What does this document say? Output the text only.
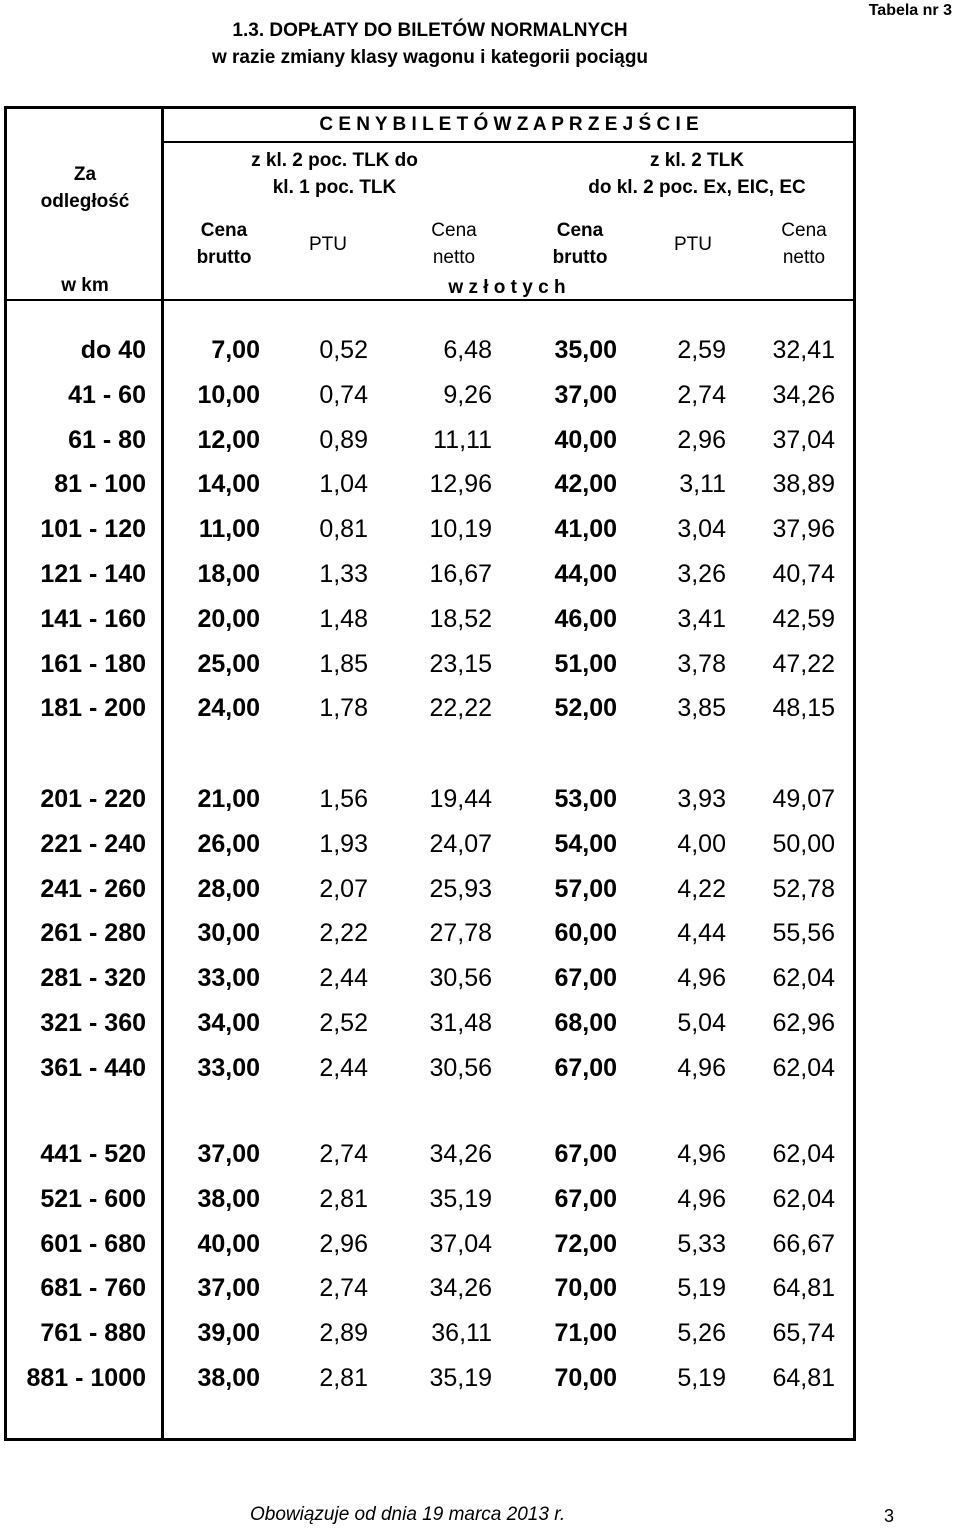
1.3. DOPŁATY DO BILETÓW NORMALNYCH
w razie zmiany klasy wagonu i kategorii pociągu
Tabela nr 3
Za
odległość
w km
C E N Y B I L E T Ó W Z A P R Z E J Ś C I E
z kl. 2 poc. TLK do
kl. 1 poc. TLK
z kl. 2 TLK
do kl. 2 poc. Ex, EIC, EC
Cena
brutto
PTU
Cena
netto
Cena
brutto
PTU
Cena
netto
w z ł o t y c h
do 40	7,00	0,52	6,48	35,00	2,59	32,41
41 - 60	10,00	0,74	9,26	37,00	2,74	34,26
61 - 80	12,00	0,89	11,11	40,00	2,96	37,04
81 - 100	14,00	1,04	12,96	42,00	3,11	38,89
101 - 120	11,00	0,81	10,19	41,00	3,04	37,96
121 - 140	18,00	1,33	16,67	44,00	3,26	40,74
141 - 160	20,00	1,48	18,52	46,00	3,41	42,59
161 - 180	25,00	1,85	23,15	51,00	3,78	47,22
181 - 200	24,00	1,78	22,22	52,00	3,85	48,15
201 - 220	21,00	1,56	19,44	53,00	3,93	49,07
221 - 240	26,00	1,93	24,07	54,00	4,00	50,00
241 - 260	28,00	2,07	25,93	57,00	4,22	52,78
261 - 280	30,00	2,22	27,78	60,00	4,44	55,56
281 - 320	33,00	2,44	30,56	67,00	4,96	62,04
321 - 360	34,00	2,52	31,48	68,00	5,04	62,96
361 - 440	33,00	2,44	30,56	67,00	4,96	62,04
441 - 520	37,00	2,74	34,26	67,00	4,96	62,04
521 - 600	38,00	2,81	35,19	67,00	4,96	62,04
601 - 680	40,00	2,96	37,04	72,00	5,33	66,67
681 - 760	37,00	2,74	34,26	70,00	5,19	64,81
761 - 880	39,00	2,89	36,11	71,00	5,26	65,74
881 - 1000	38,00	2,81	35,19	70,00	5,19	64,81
Obowiązuje od dnia 19 marca 2013 r.	3
